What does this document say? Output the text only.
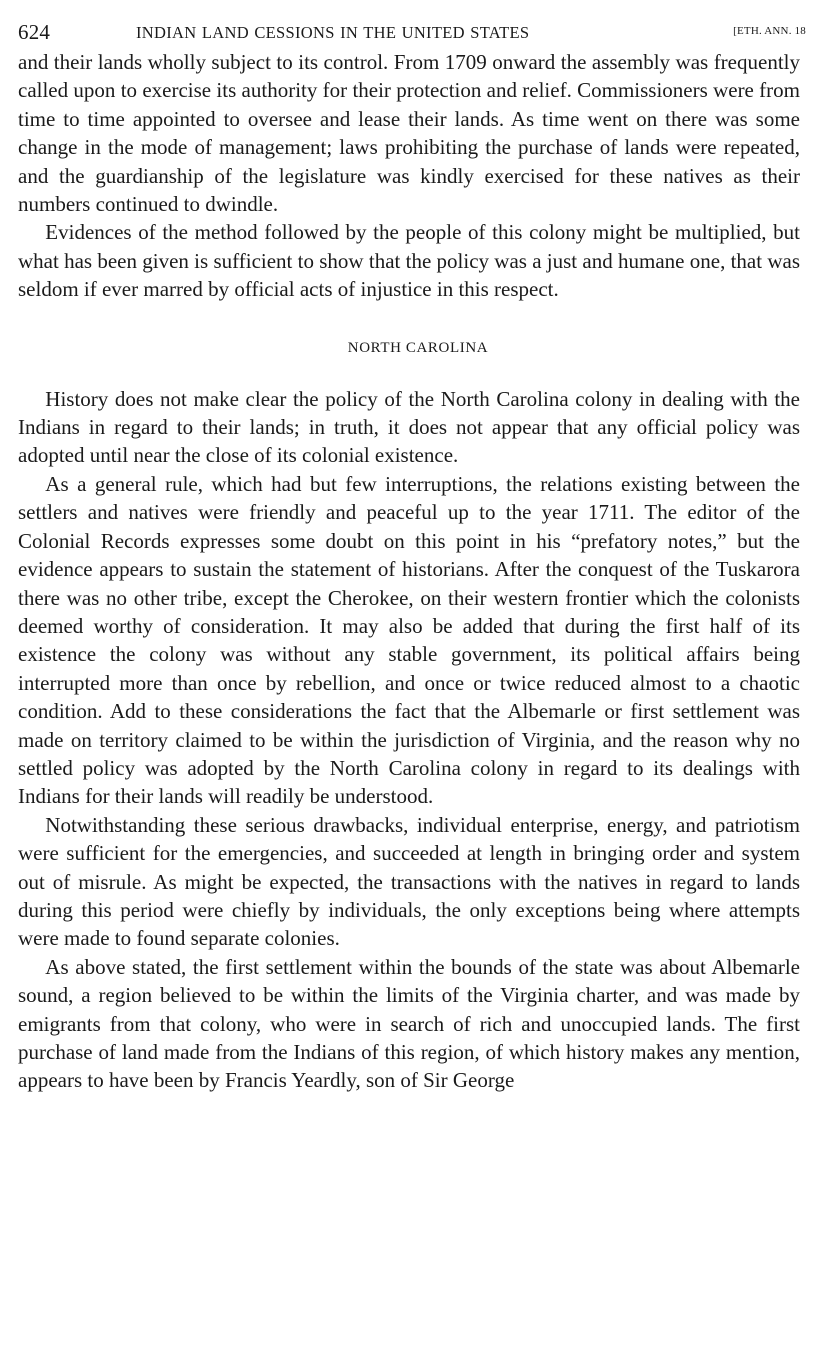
624	INDIAN LAND CESSIONS IN THE UNITED STATES	[ETH. ANN. 18

and their lands wholly subject to its control. From 1709 onward the assembly was frequently called upon to exercise its authority for their protection and relief. Commissioners were from time to time appointed to oversee and lease their lands. As time went on there was some change in the mode of management; laws prohibiting the purchase of lands were repeated, and the guardianship of the legislature was kindly exercised for these natives as their numbers continued to dwindle.

Evidences of the method followed by the people of this colony might be multiplied, but what has been given is sufficient to show that the policy was a just and humane one, that was seldom if ever marred by official acts of injustice in this respect.

NORTH CAROLINA

History does not make clear the policy of the North Carolina colony in dealing with the Indians in regard to their lands; in truth, it does not appear that any official policy was adopted until near the close of its colonial existence.

As a general rule, which had but few interruptions, the relations existing between the settlers and natives were friendly and peaceful up to the year 1711. The editor of the Colonial Records expresses some doubt on this point in his “prefatory notes,” but the evidence appears to sustain the statement of historians. After the conquest of the Tuskarora there was no other tribe, except the Cherokee, on their western frontier which the colonists deemed worthy of consideration. It may also be added that during the first half of its existence the colony was without any stable government, its political affairs being interrupted more than once by rebellion, and once or twice reduced almost to a chaotic condition. Add to these considerations the fact that the Albemarle or first settlement was made on territory claimed to be within the jurisdiction of Virginia, and the reason why no settled policy was adopted by the North Carolina colony in regard to its dealings with Indians for their lands will readily be understood.

Notwithstanding these serious drawbacks, individual enterprise, energy, and patriotism were sufficient for the emergencies, and succeeded at length in bringing order and system out of misrule. As might be expected, the transactions with the natives in regard to lands during this period were chiefly by individuals, the only exceptions being where attempts were made to found separate colonies.

As above stated, the first settlement within the bounds of the state was about Albemarle sound, a region believed to be within the limits of the Virginia charter, and was made by emigrants from that colony, who were in search of rich and unoccupied lands. The first purchase of land made from the Indians of this region, of which history makes any mention, appears to have been by Francis Yeardly, son of Sir George
